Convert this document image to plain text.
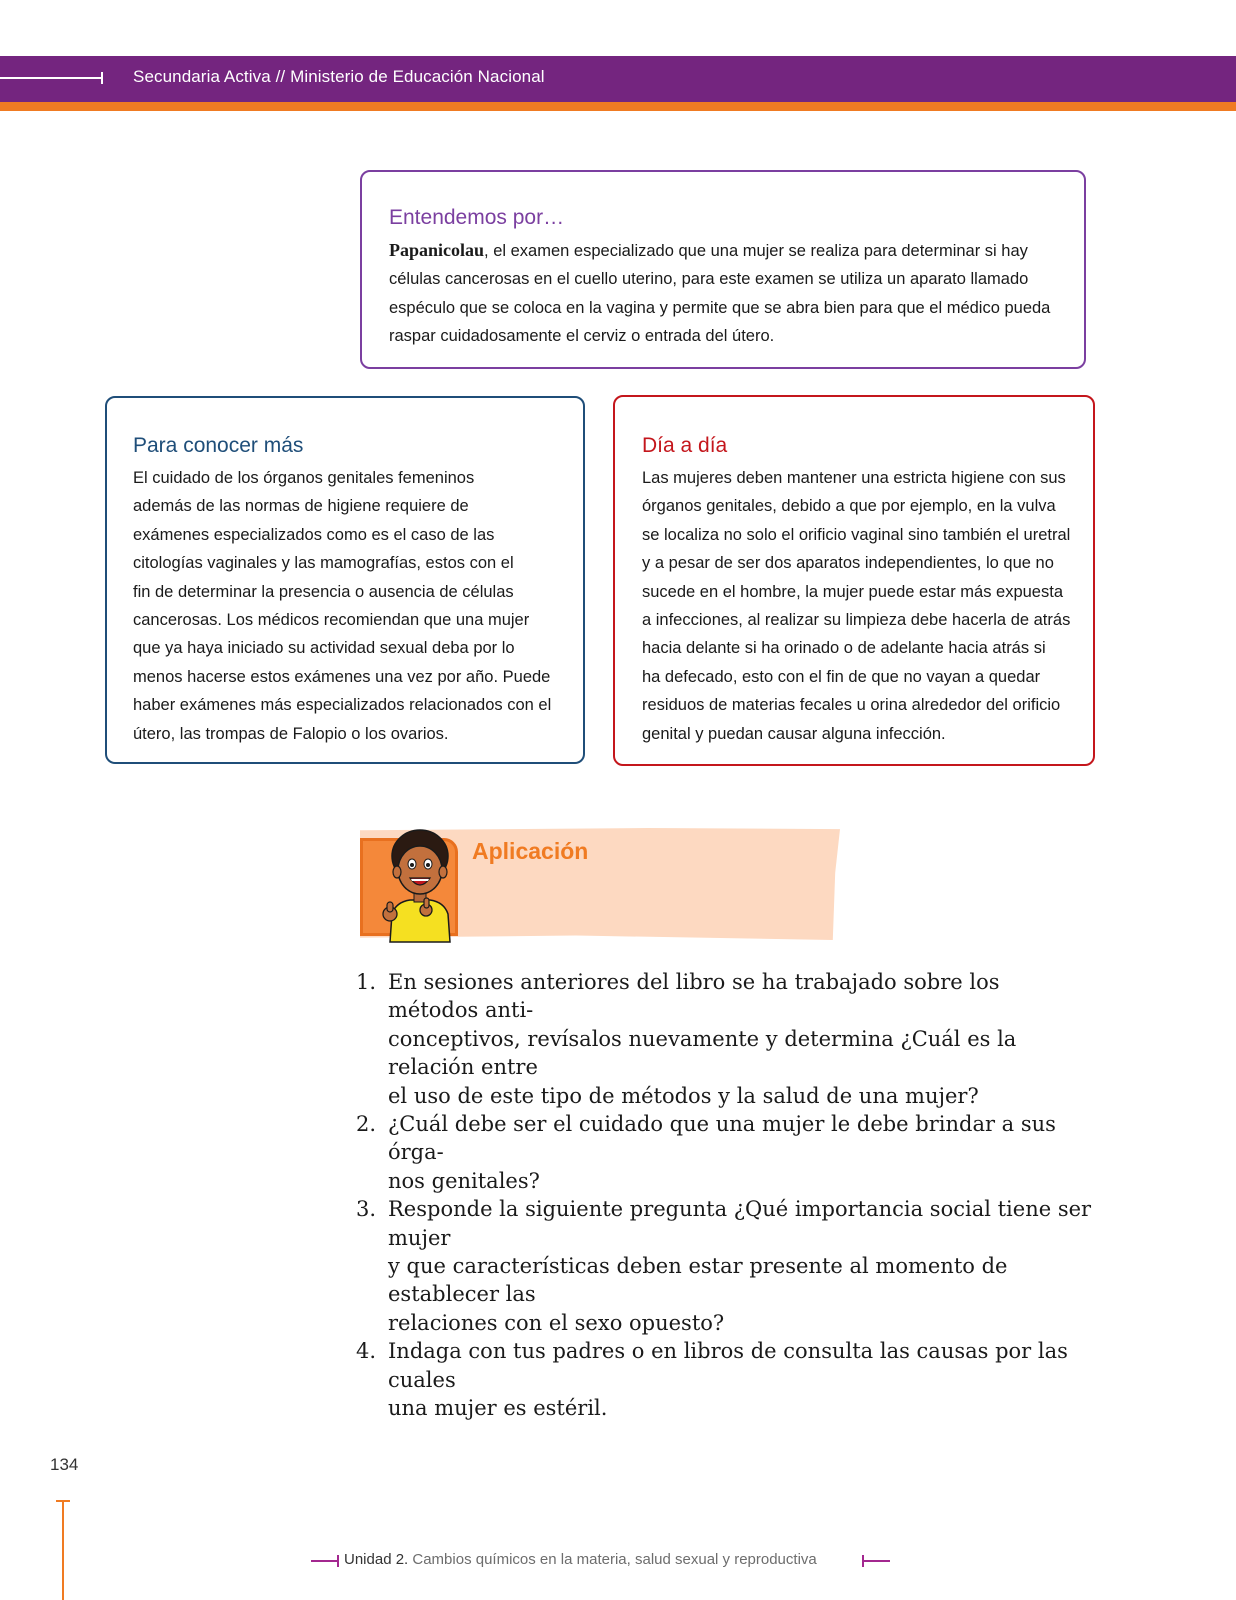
Secundaria Activa // Ministerio de Educación Nacional
Entendemos por…
Papanicolau, el examen especializado que una mujer se realiza para determinar si hay
células cancerosas en el cuello uterino, para este examen se utiliza un aparato llamado
espéculo que se coloca en la vagina y permite que se abra bien para que el médico pueda
raspar cuidadosamente el cerviz o entrada del útero.
Para conocer más
El cuidado de los órganos genitales femeninos
además de las normas de higiene requiere de
exámenes especializados como es el caso de las
citologías vaginales y las mamografías, estos con el
fin de determinar la presencia o ausencia de células
cancerosas. Los médicos recomiendan que una mujer
que ya haya iniciado su actividad sexual deba por lo
menos hacerse estos exámenes una vez por año. Puede
haber exámenes más especializados relacionados con el
útero, las trompas de Falopio o los ovarios.
Día a día
Las mujeres deben mantener una estricta higiene con sus
órganos genitales, debido a que por ejemplo, en la vulva
se localiza no solo el orificio vaginal sino también el uretral
y a pesar de ser dos aparatos independientes, lo que no
sucede en el hombre, la mujer puede estar más expuesta
a infecciones, al realizar su limpieza debe hacerla de atrás
hacia delante si ha orinado o de adelante hacia atrás si
ha defecado, esto con el fin de que no vayan a quedar
residuos de materias fecales u orina alrededor del orificio
genital y puedan causar alguna infección.
Aplicación
1. En sesiones anteriores del libro se ha trabajado sobre los métodos anti-
conceptivos, revísalos nuevamente y determina ¿Cuál es la relación entre
el uso de este tipo de métodos y la salud de una mujer?
2. ¿Cuál debe ser el cuidado que una mujer le debe brindar a sus órga-
nos genitales?
3. Responde la siguiente pregunta ¿Qué importancia social tiene ser mujer
y que características deben estar presente al momento de establecer las
relaciones con el sexo opuesto?
4. Indaga con tus padres o en libros de consulta las causas por las cuales
una mujer es estéril.
134
Unidad 2. Cambios químicos en la materia, salud sexual y reproductiva
